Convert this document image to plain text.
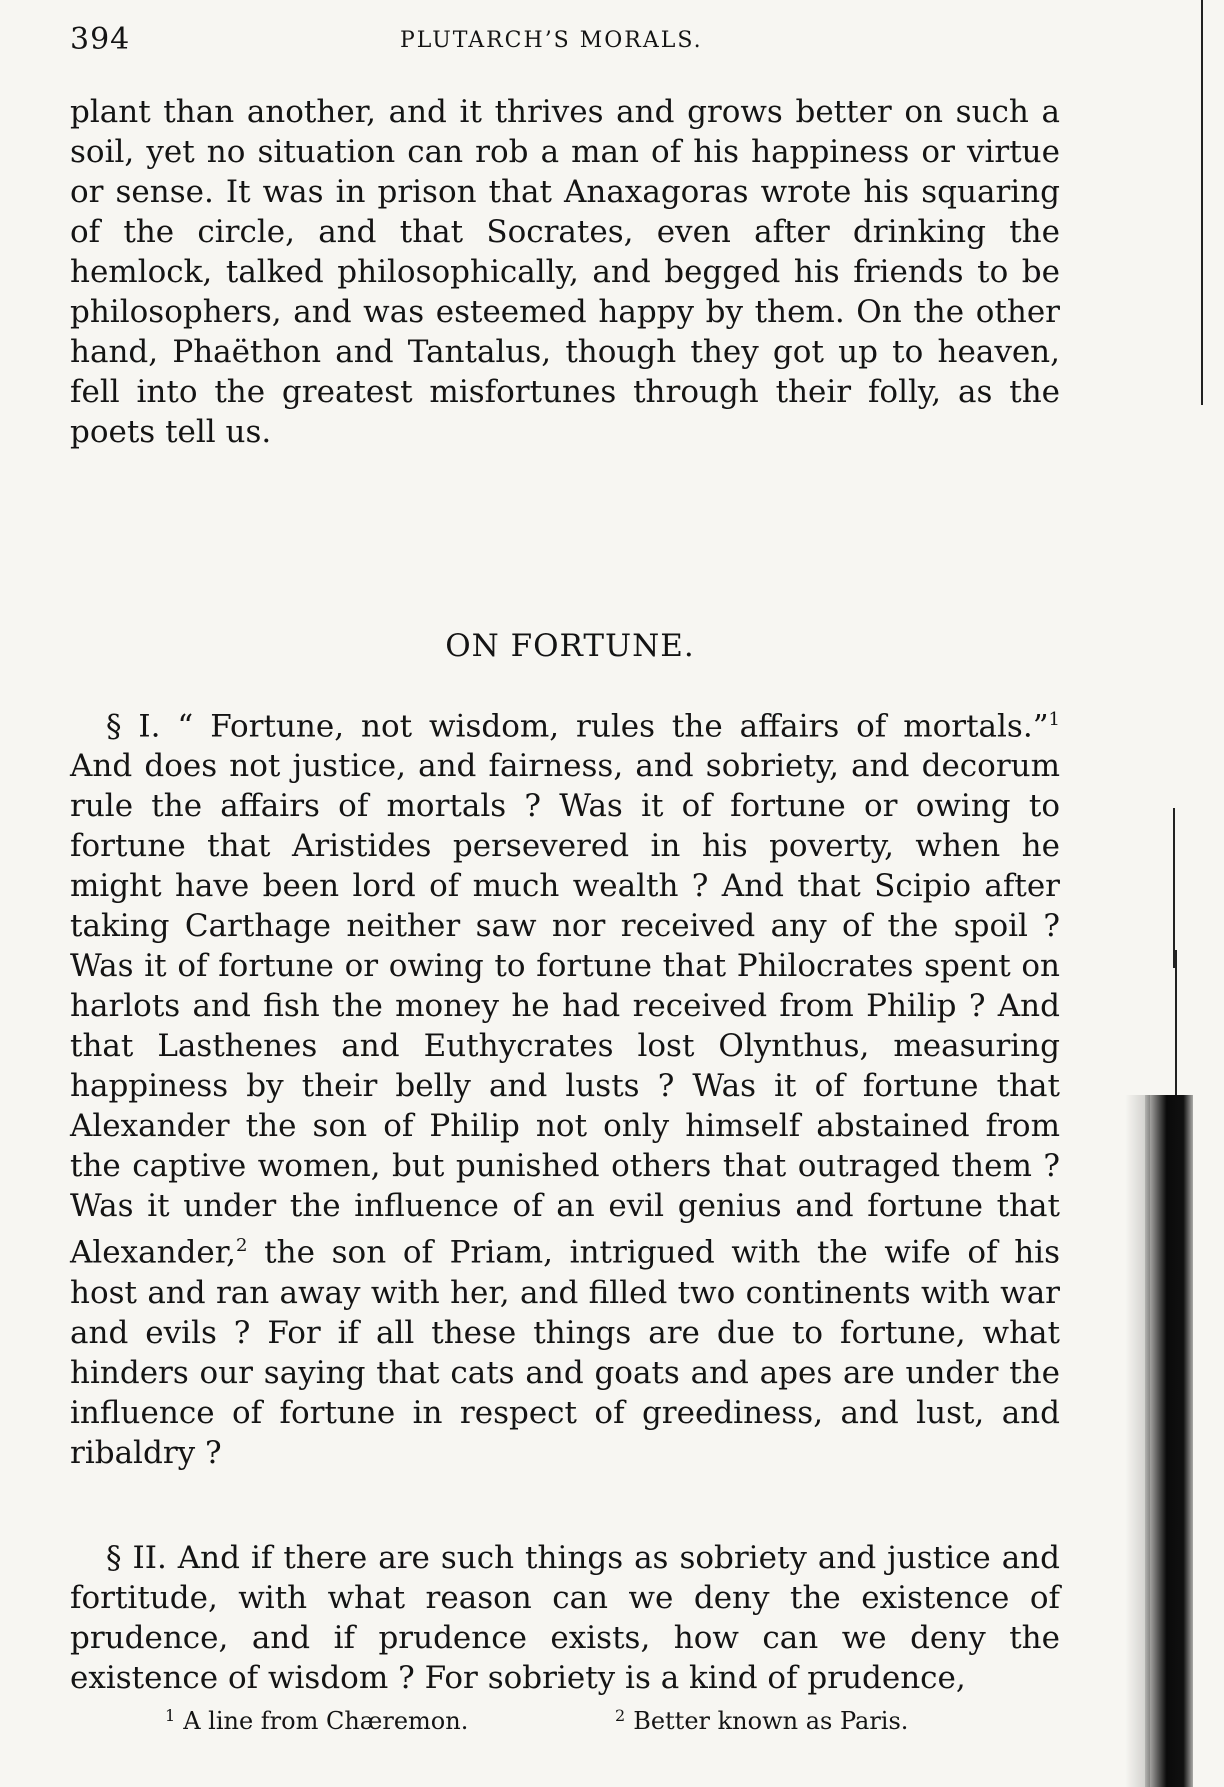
394	PLUTARCH’S MORALS.
plant than another, and it thrives and grows better on such a soil, yet no situation can rob a man of his happiness or virtue or sense. It was in prison that Anaxagoras wrote his squaring of the circle, and that Socrates, even after drinking the hemlock, talked philosophically, and begged his friends to be philosophers, and was esteemed happy by them. On the other hand, Phaëthon and Tantalus, though they got up to heaven, fell into the greatest misfortunes through their folly, as the poets tell us.
ON FORTUNE.
§ I. “ Fortune, not wisdom, rules the affairs of mortals.”$^1$ And does not justice, and fairness, and sobriety, and decorum rule the affairs of mortals ? Was it of fortune or owing to fortune that Aristides persevered in his poverty, when he might have been lord of much wealth ? And that Scipio after taking Carthage neither saw nor received any of the spoil ? Was it of fortune or owing to fortune that Philocrates spent on harlots and fish the money he had received from Philip ? And that Lasthenes and Euthycrates lost Olynthus, measuring happiness by their belly and lusts ? Was it of fortune that Alexander the son of Philip not only himself abstained from the captive women, but punished others that outraged them ? Was it under the influence of an evil genius and fortune that Alexander,$^2$ the son of Priam, intrigued with the wife of his host and ran away with her, and filled two continents with war and evils ? For if all these things are due to fortune, what hinders our saying that cats and goats and apes are under the influence of fortune in respect of greediness, and lust, and ribaldry ?
§ II. And if there are such things as sobriety and justice and fortitude, with what reason can we deny the existence of prudence, and if prudence exists, how can we deny the existence of wisdom ? For sobriety is a kind of prudence,
$^1$ A line from Chæremon.	$^2$ Better known as Paris.
